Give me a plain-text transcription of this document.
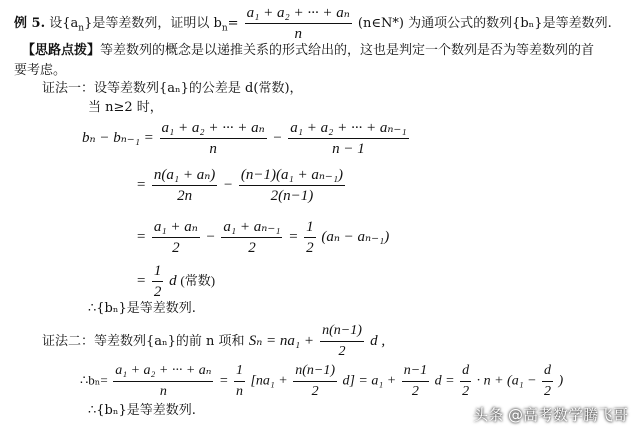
例 5. 设$\{a_n\}$是等差数列，证明以 $b_n= \frac{\text{a₁ + a₂ + ··· + aₙ}}{n}$ (n∈N*) 为通项公式的数列{bₙ}是等差数列.
【思路点拨】等差数列的概念是以递推关系的形式给出的，这也是判定一个数列是否为等差数列的首
要考虑。
证法一：设等差数列{aₙ}的公差是 d(常数)，
当 n≥2 时，
$b_n - b_{n-1} = \frac{\text{a₁ + a₂ + ··· + aₙ}}{n} - \frac{\text{a₁ + a₂ + ··· + aₙ₋₁}}{n - 1}$
= $\frac{\text{n(a₁ + aₙ)}}{2n} - \frac{\text{(n−1)(a₁ + aₙ₋₁)}}{2(n-1)}$
= $\frac{\text{a₁ + aₙ}}{2} - \frac{\text{a₁ + aₙ₋₁}}{2} = \frac{1}{2} (a_n - a_{n-1})$
= $\frac{1}{2}$ d (常数)
∴{bₙ}是等差数列.
证法二：等差数列{aₙ}的前 n 项和 $S_n = na_1 + \frac{n(n-1)}{2}$ d ,
∴bₙ= $\frac{\text{a₁ + a₂ + ··· + aₙ}}{n} = \frac{1}{n} [na_1 + \frac{n(n-1)}{2} d] = a_1 + \frac{n-1}{2}$ $d = \frac{d}{2} \cdot n + (a_1 - \frac{d}{2}$ )
∴{bₙ}是等差数列.	头条 @高考数学腾飞哥
